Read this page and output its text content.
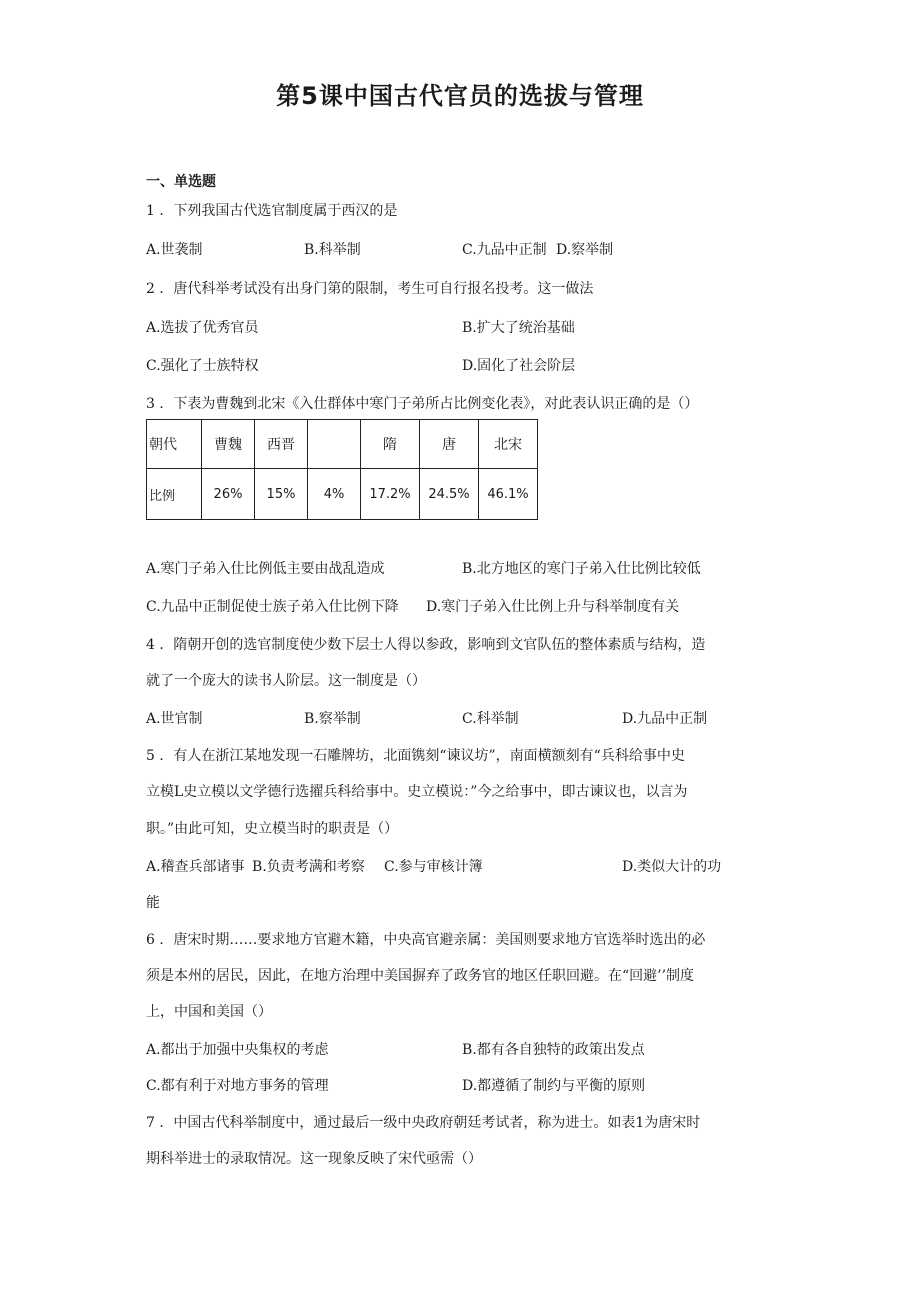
第5课中国古代官员的选拔与管理
一、单选题
1 ．下列我国古代选官制度属于西汉的是
A.世袭制	B.科举制	C.九品中正制 D.察举制
2 ．唐代科举考试没有出身门第的限制，考生可自行报名投考。这一做法
A.选拔了优秀官员	B.扩大了统治基础
C.强化了士族特权	D.固化了社会阶层
3 ．下表为曹魏到北宋《入仕群体中寒门子弟所占比例变化表》，对此表认识正确的是（）
朝代	曹魏	西晋		隋	唐	北宋
比例	26%	15%	4%	17.2%	24.5%	46.1%
A.寒门子弟入仕比例低主要由战乱造成	B.北方地区的寒门子弟入仕比例比较低
C.九品中正制促使士族子弟入仕比例下降 D.寒门子弟入仕比例上升与科举制度有关
4 ．隋朝开创的选官制度使少数下层士人得以参政，影响到文官队伍的整体素质与结构，造
就了一个庞大的读书人阶层。这一制度是（）
A.世官制	B.察举制	C.科举制	D.九品中正制
5 ．有人在浙江某地发现一石雕牌坊，北面镌刻“谏议坊”，南面横额刻有“兵科给事中史
立模L史立模以文学德行选擢兵科给事中。史立模说：”今之给事中，即古谏议也，以言为
职。”由此可知，史立模当时的职责是（）
A.稽查兵部诸事 B.负责考满和考察 C.参与审核计簿	D.类似大计的功
能
6 ．唐宋时期……要求地方官避木籍，中央高官避亲属：美国则要求地方官选举时选出的必
须是本州的居民，因此，在地方治理中美国摒弃了政务官的地区任职回避。在“回避’’制度
上，中国和美国（）
A.都出于加强中央集权的考虑	B.都有各自独特的政策出发点
C.都有利于对地方事务的管理	D.都遵循了制约与平衡的原则
7 ．中国古代科举制度中，通过最后一级中央政府朝廷考试者，称为进士。如表1为唐宋时
期科举进士的录取情况。这一现象反映了宋代亟需（）
